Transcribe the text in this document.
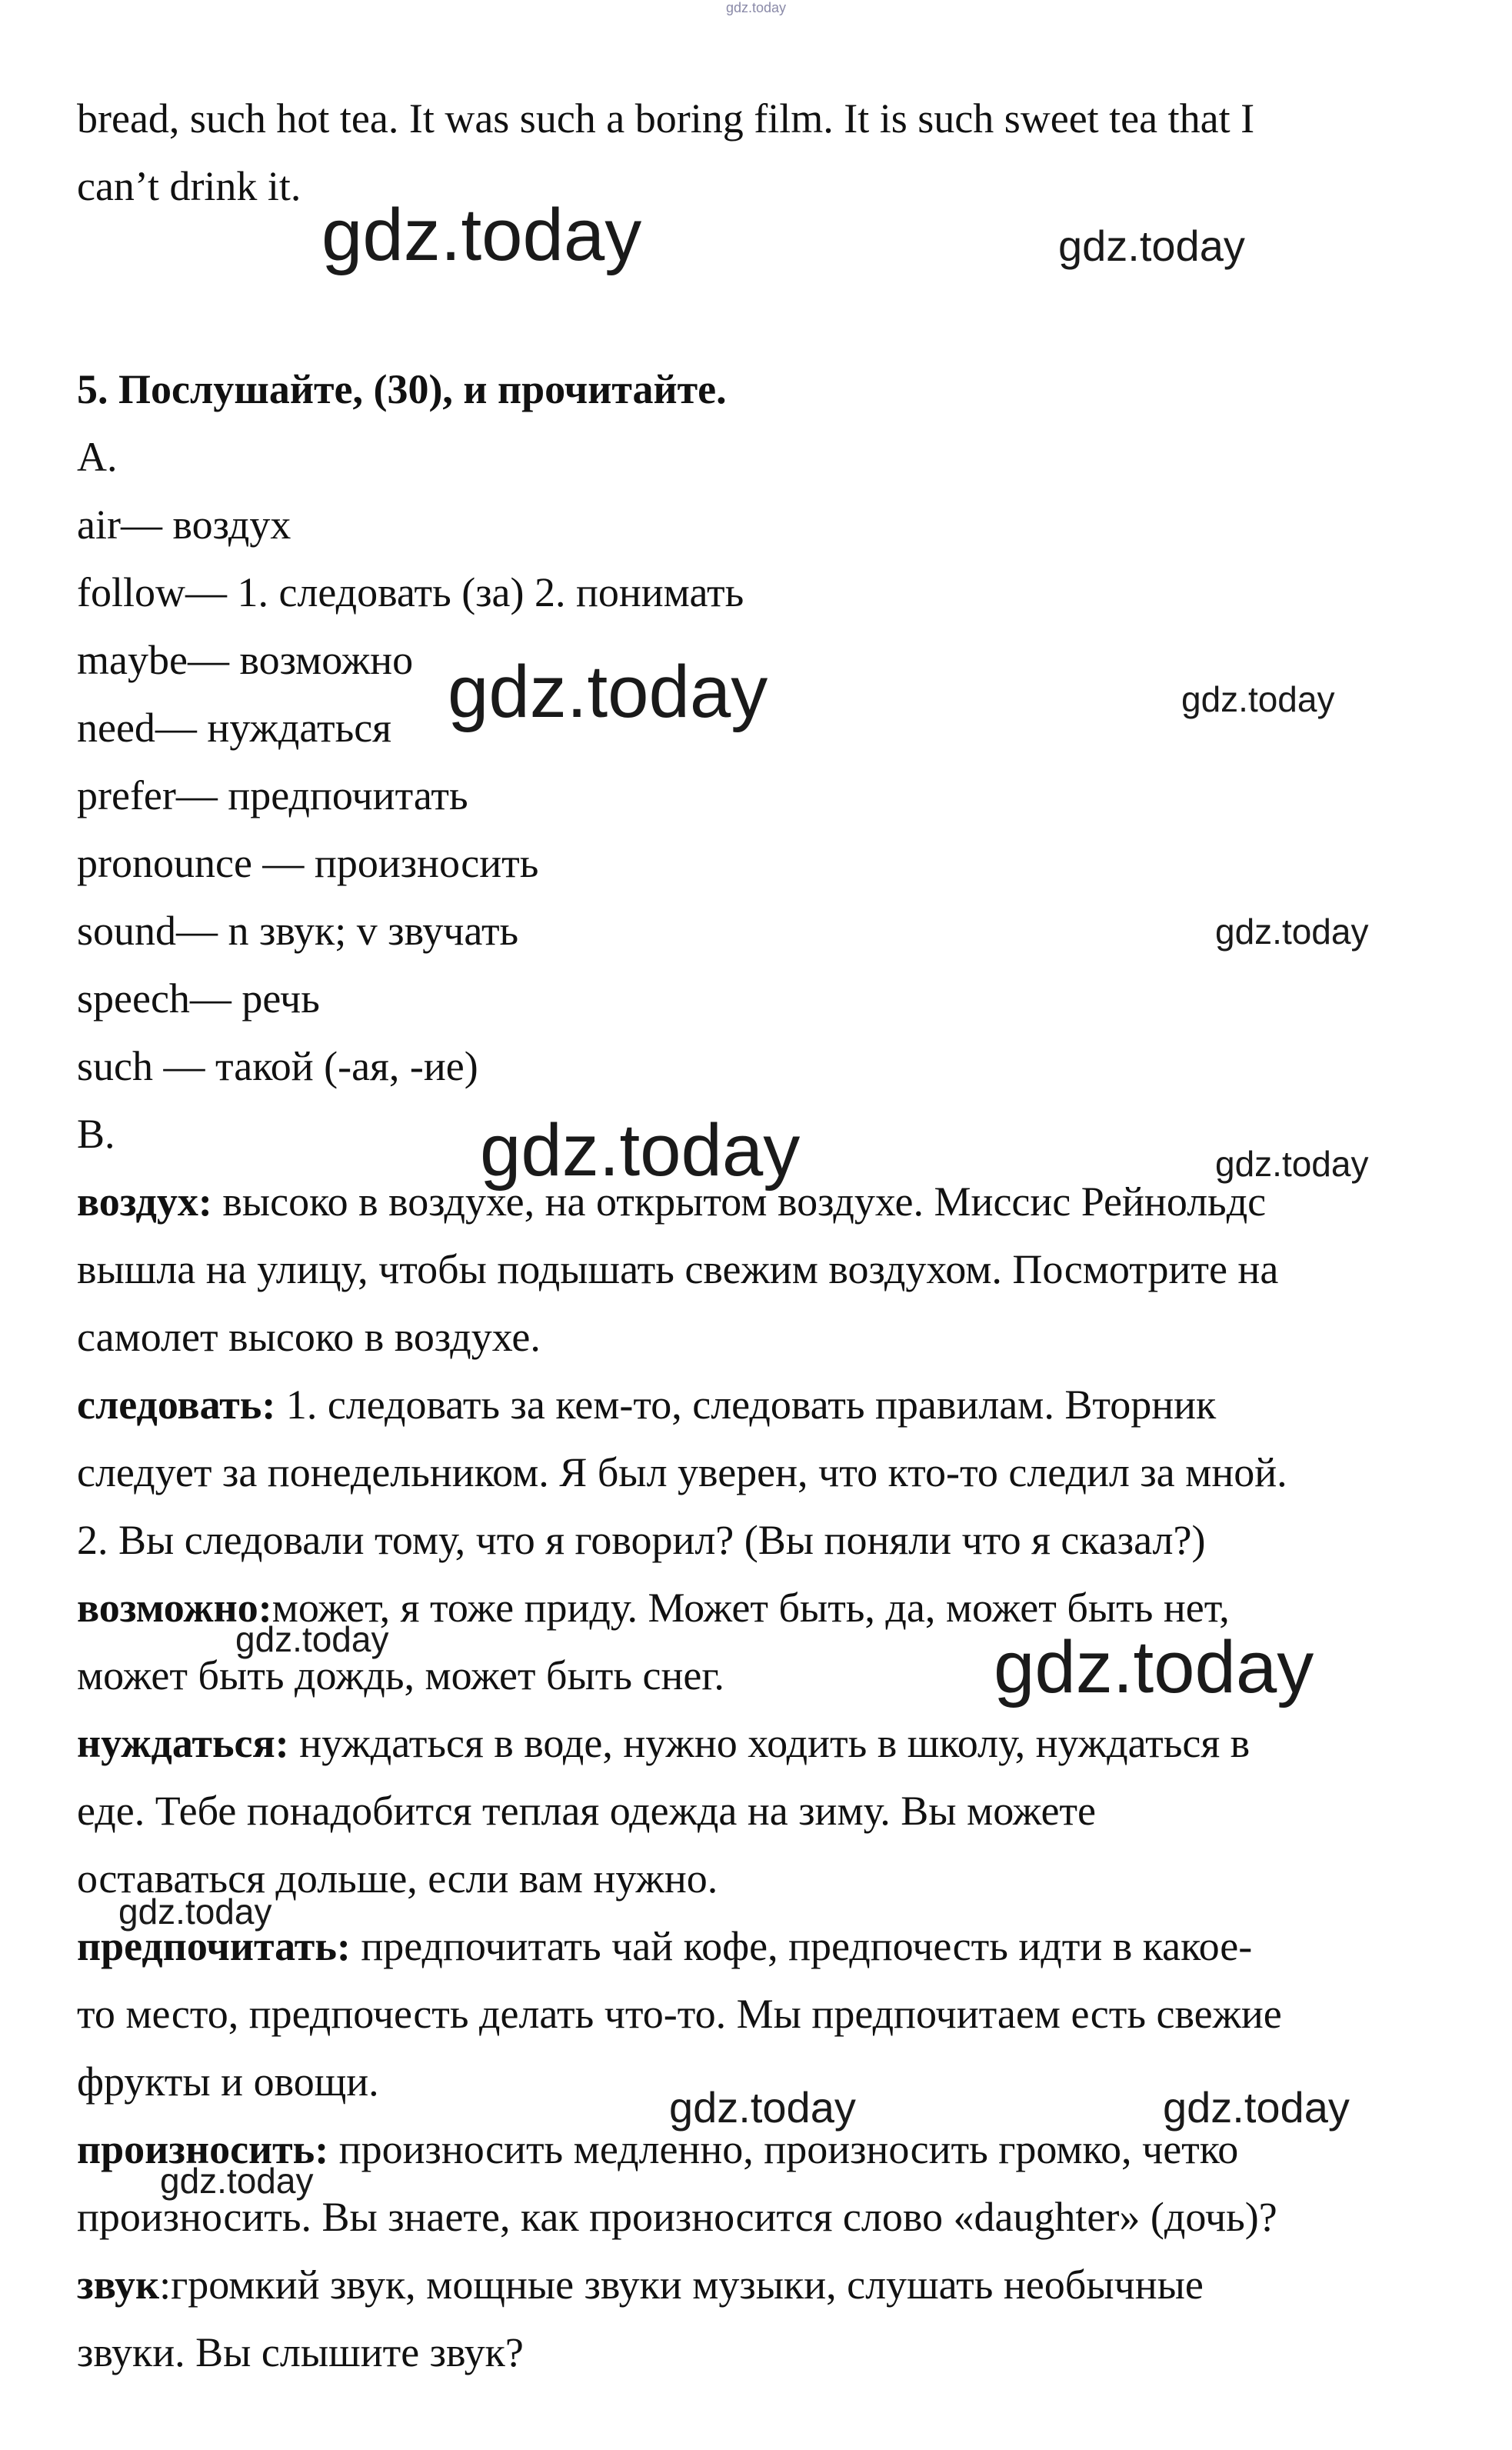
gdz.today
bread, such hot tea. It was such a boring film. It is such sweet tea that I
can’t drink it.
5. Послушайте, (30), и прочитайте.
A.
air— воздух
follow— 1. следовать (за) 2. понимать
maybe— возможно
need— нуждаться
prefer— предпочитать
pronounce — произносить
sound— n звук; v звучать
speech— речь
such — такой (-ая, -ие)
B.
воздух: высоко в воздухе, на открытом воздухе. Миссис Рейнольдс
вышла на улицу, чтобы подышать свежим воздухом. Посмотрите на
самолет высоко в воздухе.
следовать: 1. следовать за кем-то, следовать правилам. Вторник
следует за понедельником. Я был уверен, что кто-то следил за мной.
2. Вы следовали тому, что я говорил? (Вы поняли что я сказал?)
возможно:может, я тоже приду. Может быть, да, может быть нет,
может быть дождь, может быть снег.
нуждаться: нуждаться в воде, нужно ходить в школу, нуждаться в
еде. Тебе понадобится теплая одежда на зиму. Вы можете
оставаться дольше, если вам нужно.
предпочитать: предпочитать чай кофе, предпочесть идти в какое-
то место, предпочесть делать что-то. Мы предпочитаем есть свежие
фрукты и овощи.
произносить: произносить медленно, произносить громко, четко
произносить. Вы знаете, как произносится слово «daughter» (дочь)?
звук:громкий звук, мощные звуки музыки, слушать необычные
звуки. Вы слышите звук?
gdz.today	gdz.today
gdz.today	gdz.today
gdz.today
gdz.today	gdz.today
gdz.today	gdz.today
gdz.today
gdz.today	gdz.today
gdz.today
